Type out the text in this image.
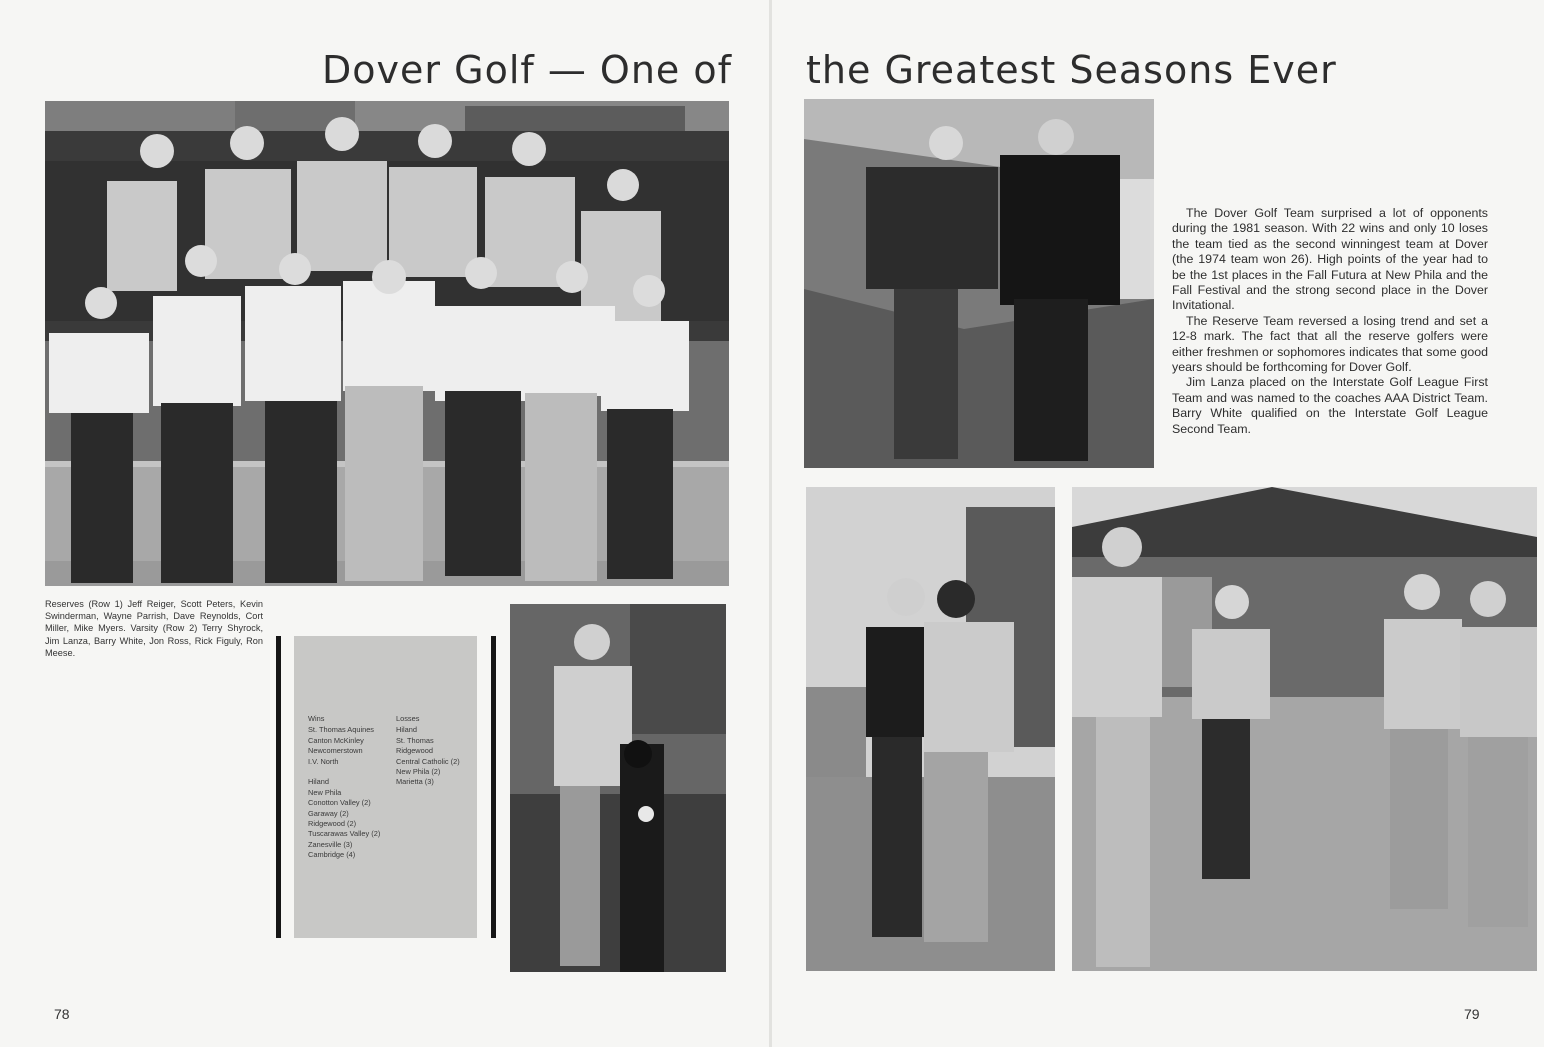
Dover Golf — One of

Reserves (Row 1) Jeff Reiger, Scott Peters, Kevin Swinderman, Wayne Parrish, Dave Reynolds, Cort Miller, Mike Myers. Varsity (Row 2) Terry Shyrock, Jim Lanza, Barry White, Jon Ross, Rick Figuly, Ron Meese.

Wins
St. Thomas Aquines
Canton McKinley
Newcomerstown
I.V. North
Hiland
New Phila
Conotton Valley (2)
Garaway (2)
Ridgewood (2)
Tuscarawas Valley (2)
Zanesville (3)
Cambridge (4)
Losses
Hiland
St. Thomas
Ridgewood
Central Catholic (2)
New Phila (2)
Marietta (3)
78
the Greatest Seasons Ever

The Dover Golf Team surprised a lot of opponents during the 1981 season. With 22 wins and only 10 loses the team tied as the second winningest team at Dover (the 1974 team won 26). High points of the year had to be the 1st places in the Fall Futura at New Phila and the Fall Festival and the strong second place in the Dover Invitational.

The Reserve Team reversed a losing trend and set a 12-8 mark. The fact that all the reserve golfers were either freshmen or sophomores indicates that some good years should be forthcoming for Dover Golf.

Jim Lanza placed on the Interstate Golf League First Team and was named to the coaches AAA District Team. Barry White qualified on the Interstate Golf League Second Team.

79
